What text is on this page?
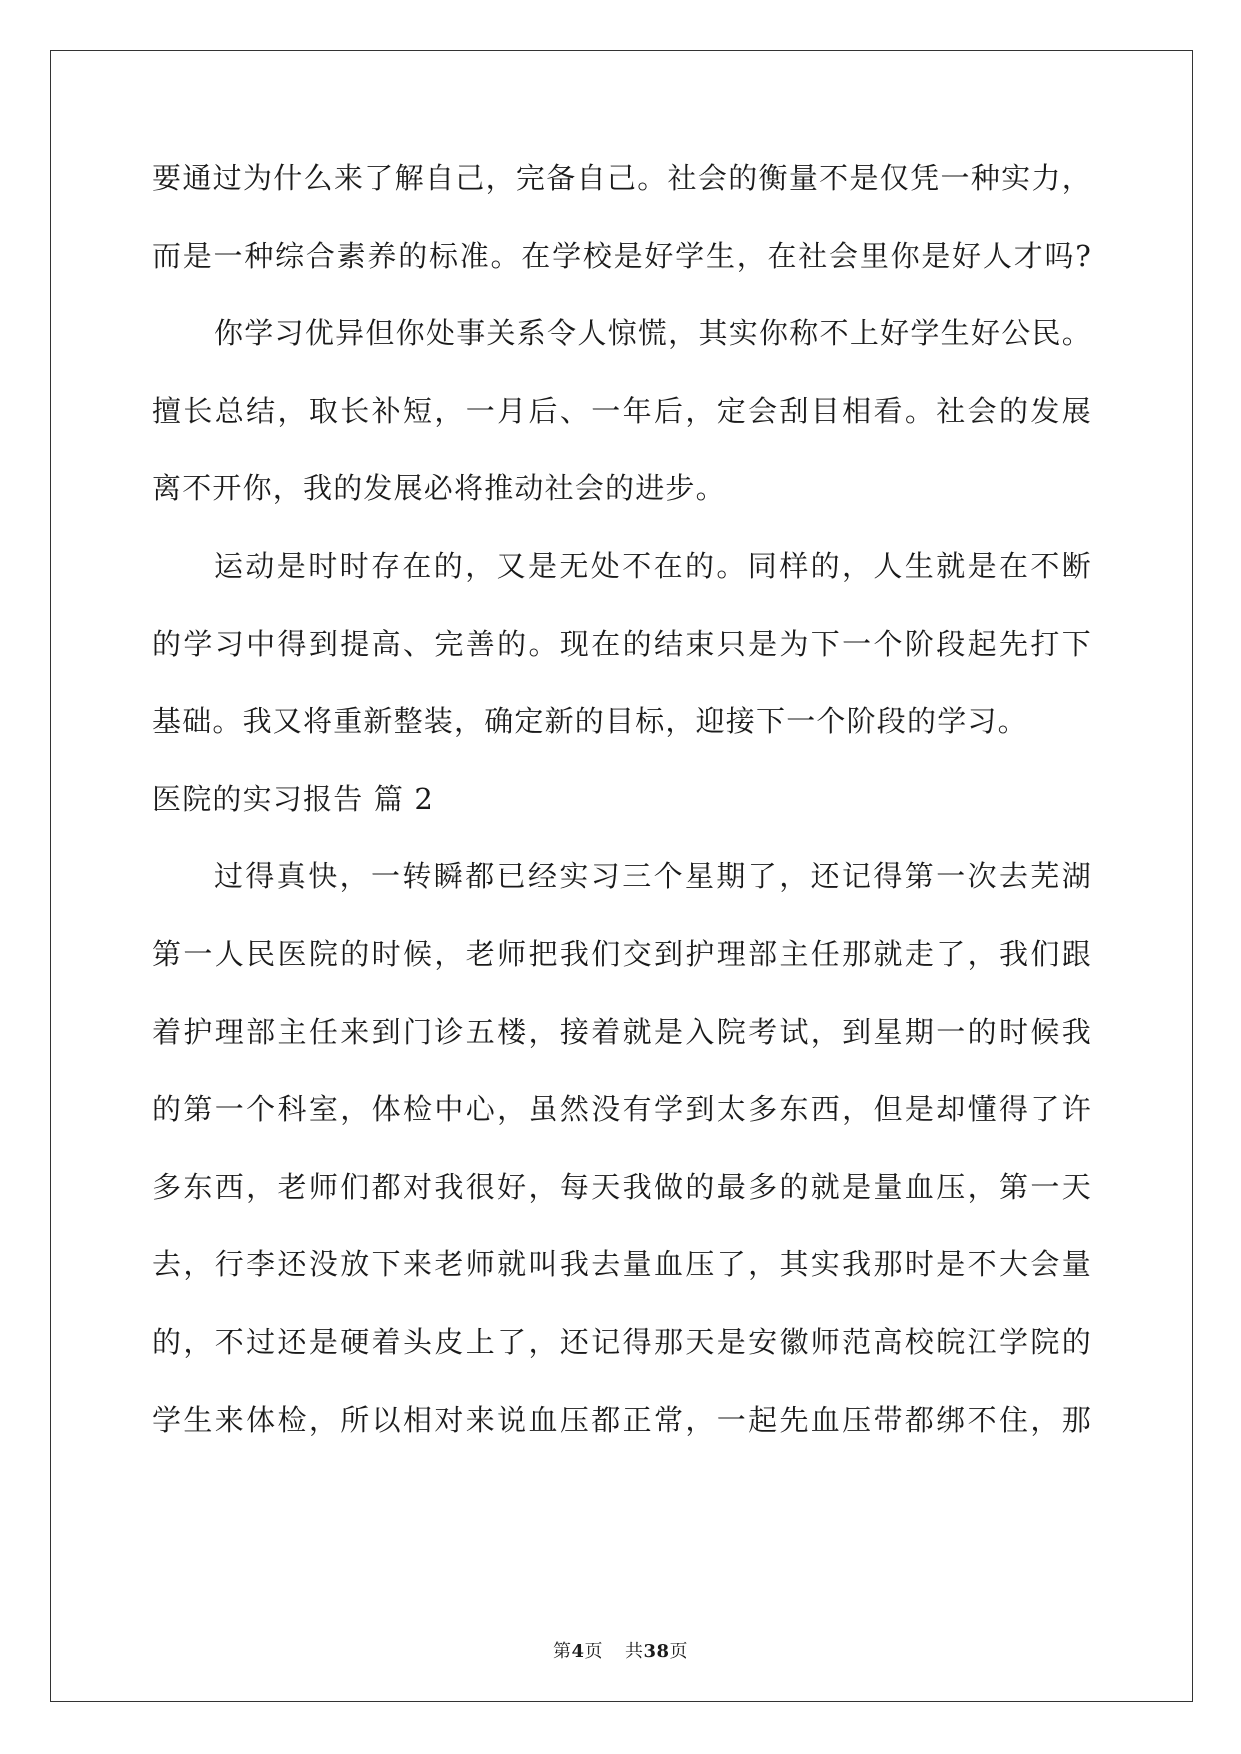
要通过为什么来了解自己，完备自己。社会的衡量不是仅凭一种实力，
而是一种综合素养的标准。在学校是好学生，在社会里你是好人才吗?
你学习优异但你处事关系令人惊慌，其实你称不上好学生好公民。
擅长总结，取长补短，一月后、一年后，定会刮目相看。社会的发展
离不开你，我的发展必将推动社会的进步。
运动是时时存在的，又是无处不在的。同样的，人生就是在不断
的学习中得到提高、完善的。现在的结束只是为下一个阶段起先打下
基础。我又将重新整装，确定新的目标，迎接下一个阶段的学习。
医院的实习报告 篇 2
过得真快，一转瞬都已经实习三个星期了，还记得第一次去芜湖
第一人民医院的时候，老师把我们交到护理部主任那就走了，我们跟
着护理部主任来到门诊五楼，接着就是入院考试，到星期一的时候我
的第一个科室，体检中心，虽然没有学到太多东西，但是却懂得了许
多东西，老师们都对我很好，每天我做的最多的就是量血压，第一天
去，行李还没放下来老师就叫我去量血压了，其实我那时是不大会量
的，不过还是硬着头皮上了，还记得那天是安徽师范高校皖江学院的
学生来体检，所以相对来说血压都正常，一起先血压带都绑不住，那
第4页 共38页
